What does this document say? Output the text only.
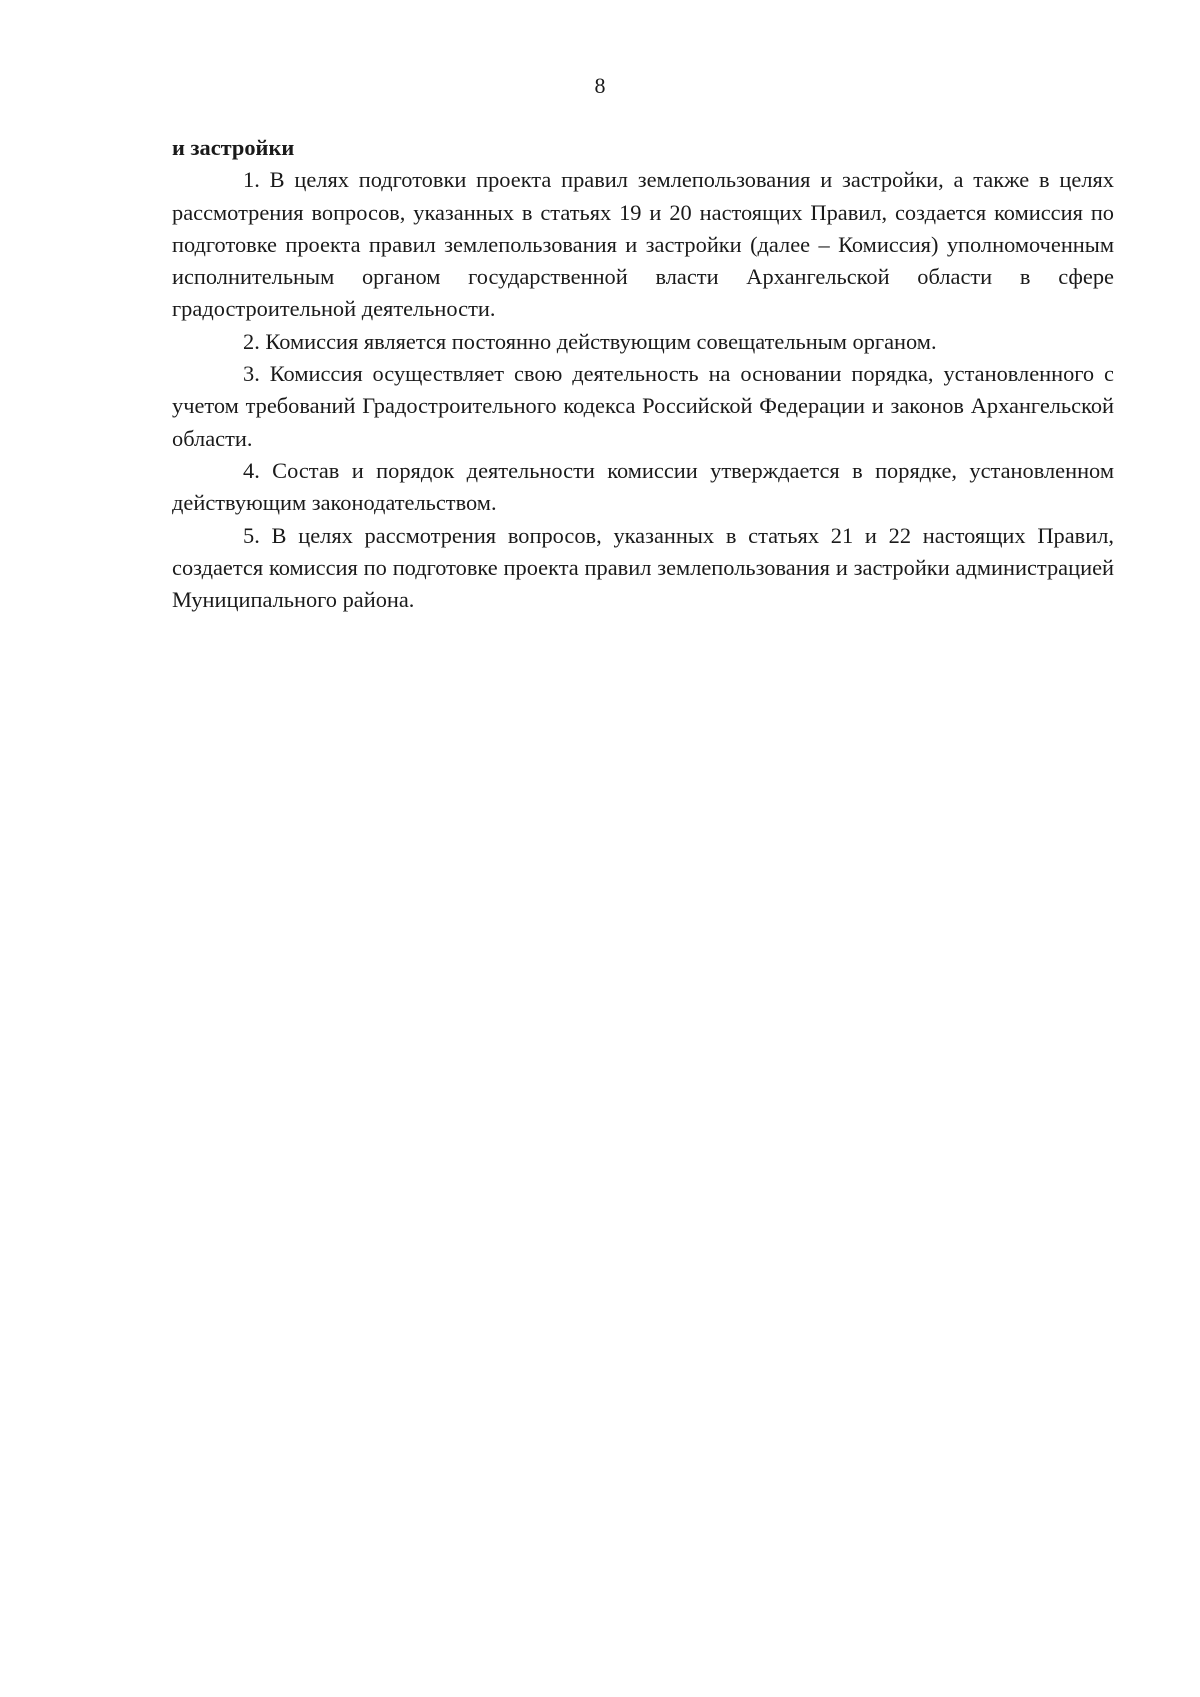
8

и застройки

1. В целях подготовки проекта правил землепользования и застройки, а также в целях рассмотрения вопросов, указанных в статьях 19 и 20 настоящих Правил, создается комиссия по подготовке проекта правил землепользования и застройки (далее – Комиссия) уполномоченным исполнительным органом государственной власти Архангельской области в сфере градостроительной деятельности.

2. Комиссия является постоянно действующим совещательным органом.

3. Комиссия осуществляет свою деятельность на основании порядка, установленного с учетом требований Градостроительного кодекса Российской Федерации и законов Архангельской области.

4. Состав и порядок деятельности комиссии утверждается в порядке, установленном действующим законодательством.

5. В целях рассмотрения вопросов, указанных в статьях 21 и 22 настоящих Правил, создается комиссия по подготовке проекта правил землепользования и застройки администрацией Муниципального района.
